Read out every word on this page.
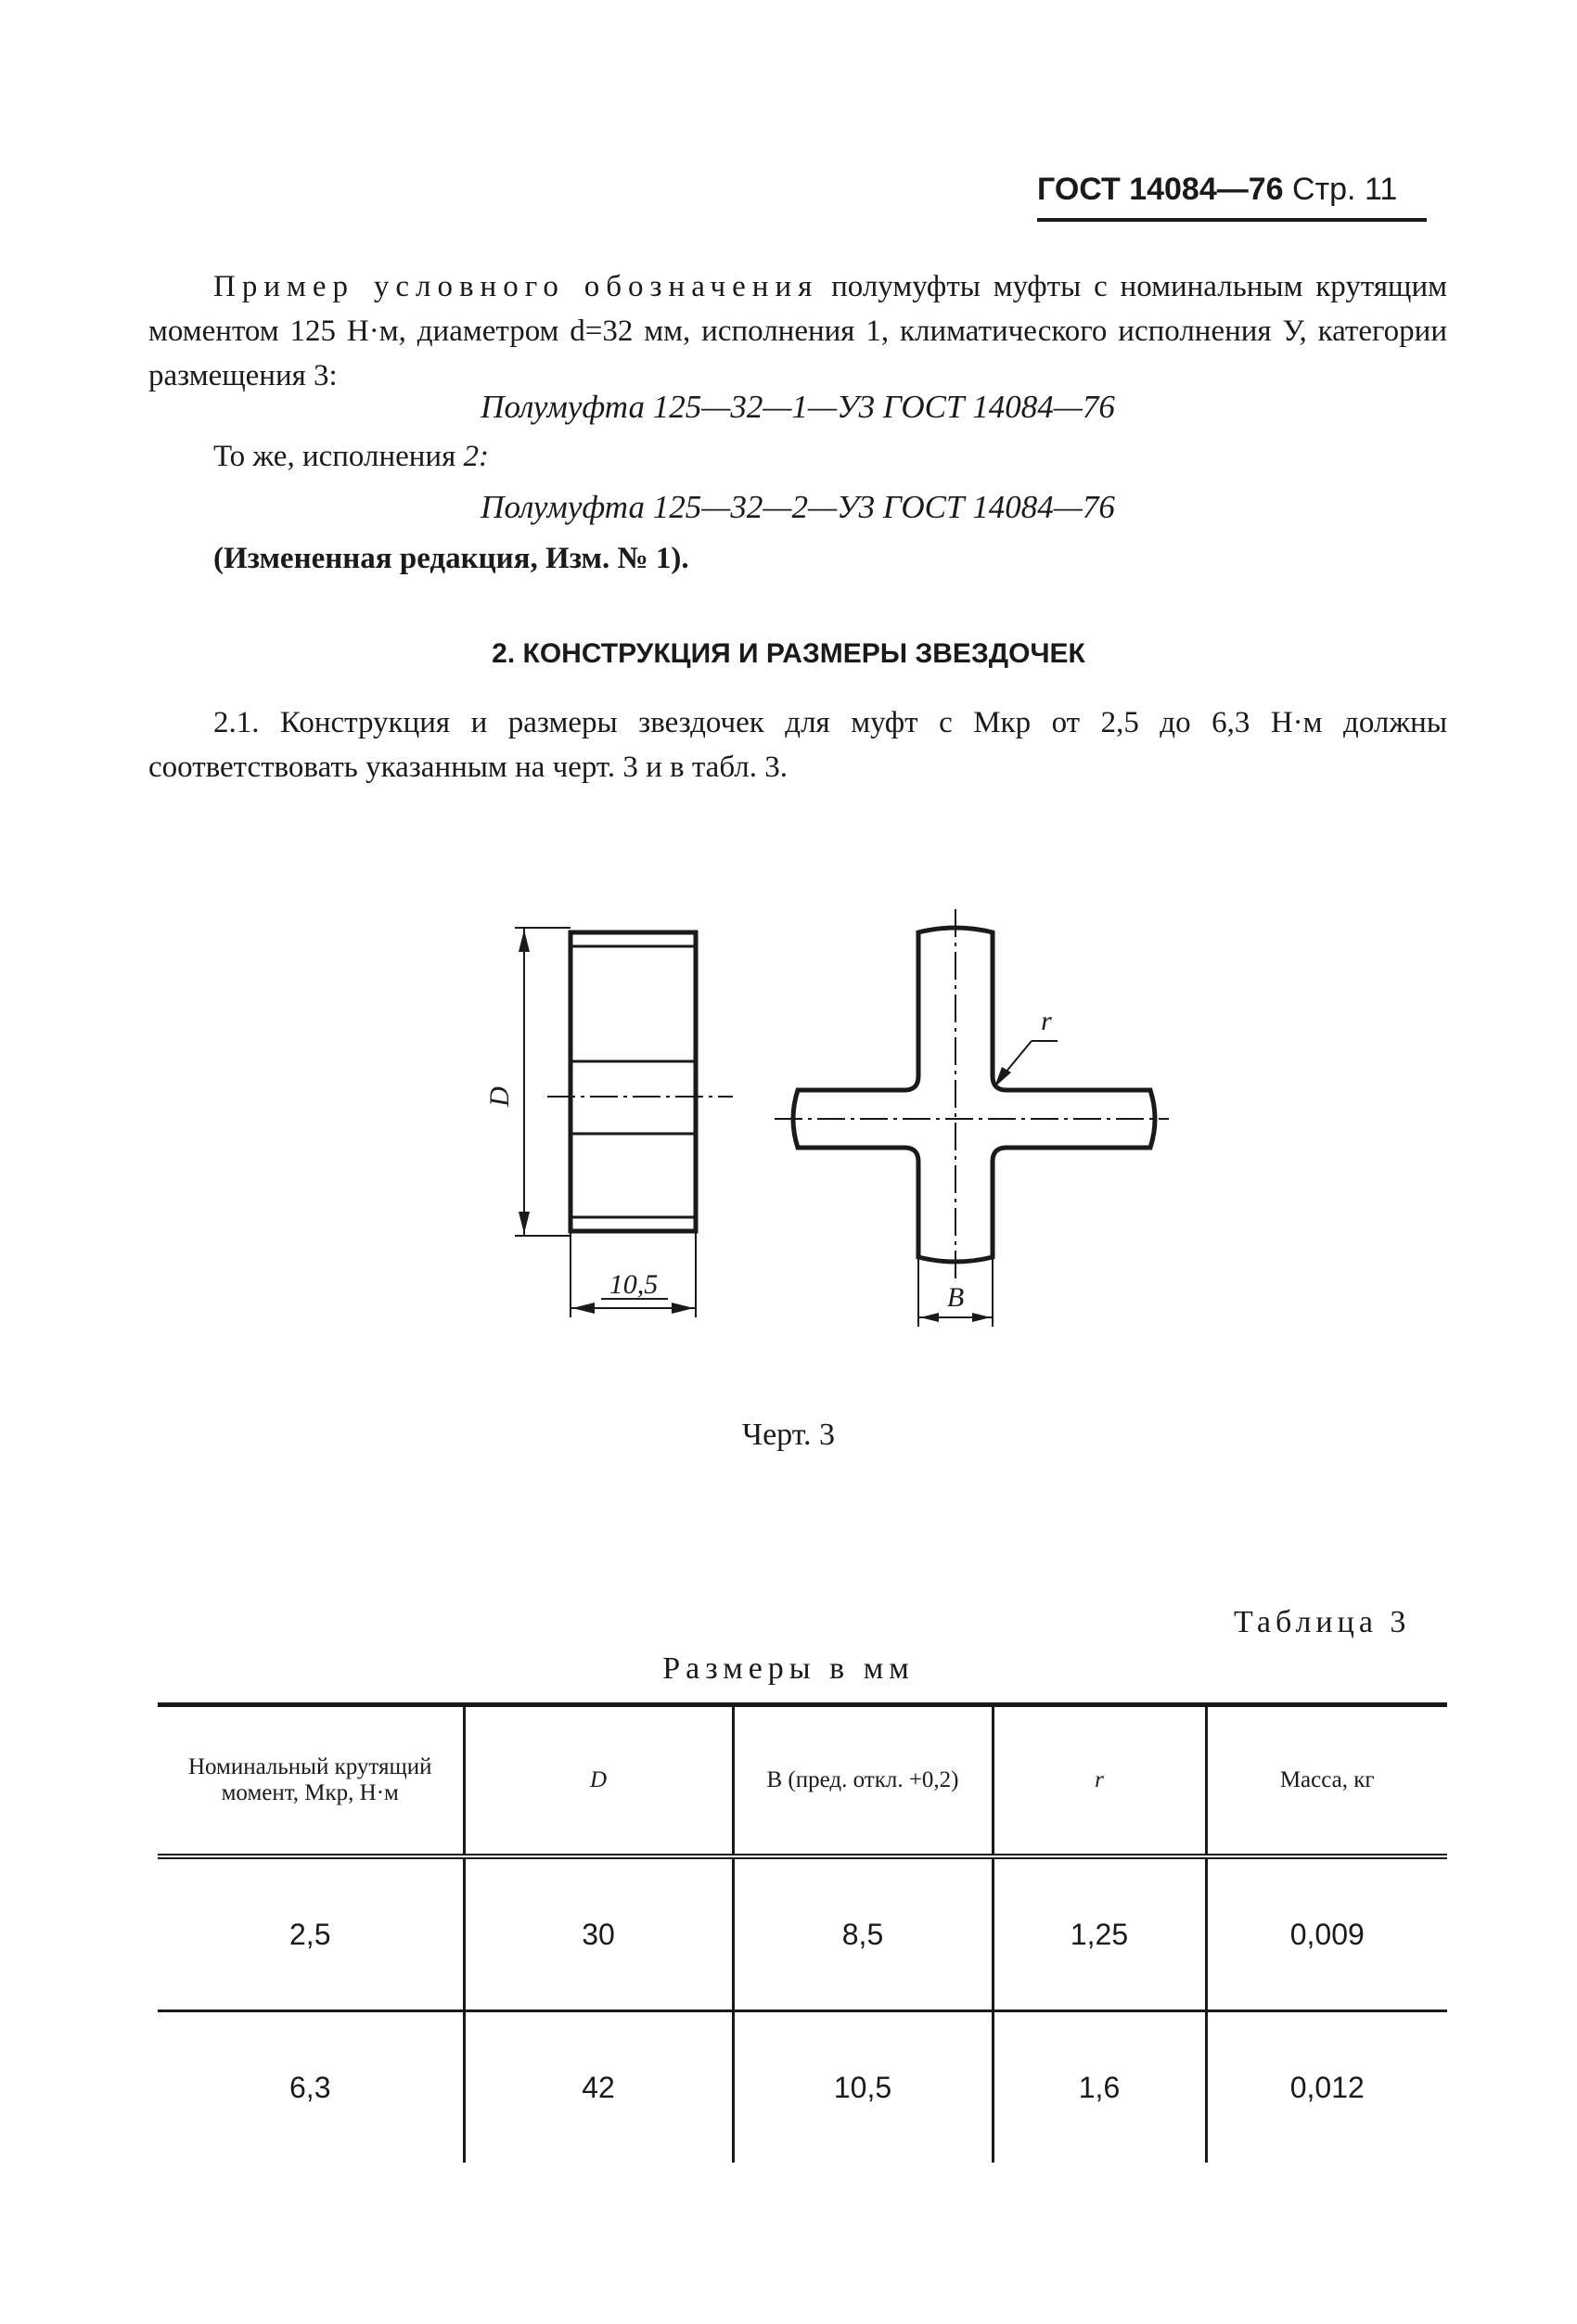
ГОСТ 14084—76 Стр. 11
Пример условного обозначения полумуфты муфты с номинальным крутящим моментом 125 Н·м, диаметром d=32 мм, исполнения 1, климатического исполнения У, категории размещения 3:
Полумуфта 125—32—1—У3 ГОСТ 14084—76
То же, исполнения 2:
Полумуфта 125—32—2—У3 ГОСТ 14084—76
(Измененная редакция, Изм. № 1).
2. КОНСТРУКЦИЯ И РАЗМЕРЫ ЗВЕЗДОЧЕК
2.1. Конструкция и размеры звездочек для муфт с Mкр от 2,5 до 6,3 Н·м должны соответствовать указанным на черт. 3 и в табл. 3.
D
10,5
r
B
Черт. 3
Таблица 3
Размеры в мм
Номинальный крутящий момент, Mкр, Н·м	D	B (пред. откл. +0,2)	r	Масса, кг
2,5	30	8,5	1,25	0,009
6,3	42	10,5	1,6	0,012
